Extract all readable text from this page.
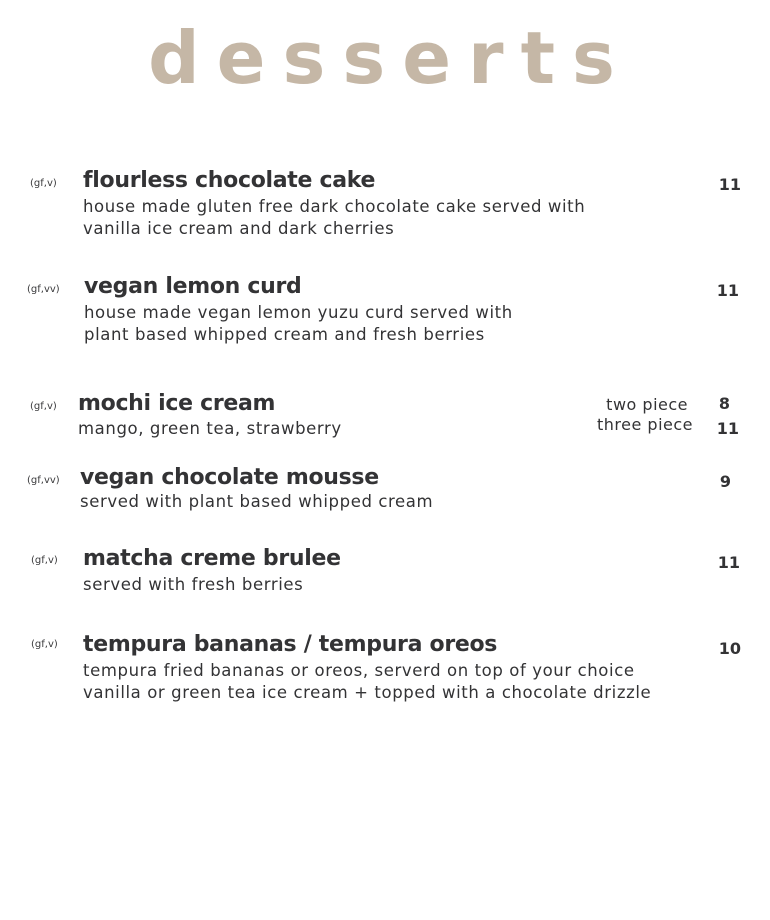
desserts
(gf,v) flourless chocolate cake
house made gluten free dark chocolate cake served with
vanilla ice cream and dark cherries
11
(gf,vv) vegan lemon curd
house made vegan lemon yuzu curd served with
plant based whipped cream and fresh berries
11
(gf,v) mochi ice cream
mango, green tea, strawberry
two piece	8
three piece	11
(gf,vv) vegan chocolate mousse
served with plant based whipped cream
9
(gf,v) matcha creme brulee
served with fresh berries
11
(gf,v) tempura bananas / tempura oreos
tempura fried bananas or oreos, serverd on top of your choice
vanilla or green tea ice cream + topped with a chocolate drizzle
10
